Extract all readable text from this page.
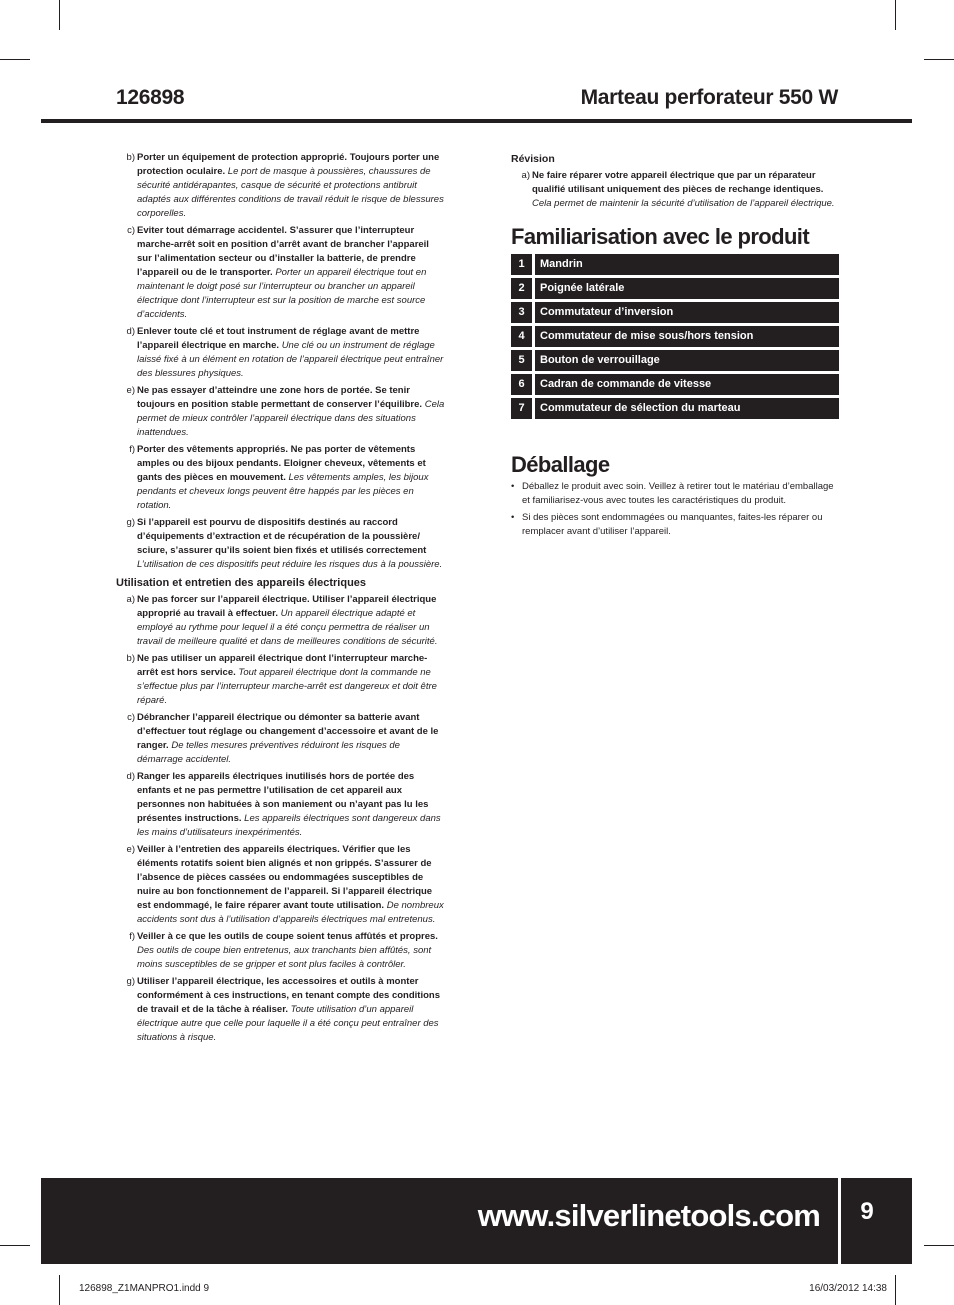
126898	Marteau perforateur 550 W
b) Porter un équipement de protection approprié. Toujours porter une protection oculaire. Le port de masque à poussières, chaussures de sécurité antidérapantes, casque de sécurité et protections antibruit adaptés aux différentes conditions de travail réduit le risque de blessures corporelles.
c) Eviter tout démarrage accidentel. S’assurer que l’interrupteur marche-arrêt soit en position d’arrêt avant de brancher l’appareil sur l’alimentation secteur ou d’installer la batterie, de prendre l’appareil ou de le transporter. Porter un appareil électrique tout en maintenant le doigt posé sur l’interrupteur ou brancher un appareil électrique dont l’interrupteur est sur la position de marche est source d’accidents.
d) Enlever toute clé et tout instrument de réglage avant de mettre l’appareil électrique en marche. Une clé ou un instrument de réglage laissé fixé à un élément en rotation de l’appareil électrique peut entraîner des blessures physiques.
e) Ne pas essayer d’atteindre une zone hors de portée. Se tenir toujours en position stable permettant de conserver l’équilibre. Cela permet de mieux contrôler l’appareil électrique dans des situations inattendues.
f) Porter des vêtements appropriés. Ne pas porter de vêtements amples ou des bijoux pendants. Eloigner cheveux, vêtements et gants des pièces en mouvement. Les vêtements amples, les bijoux pendants et cheveux longs peuvent être happés par les pièces en rotation.
g) Si l’appareil est pourvu de dispositifs destinés au raccord d’équipements d’extraction et de récupération de la poussière/ sciure, s’assurer qu’ils soient bien fixés et utilisés correctement L’utilisation de ces dispositifs peut réduire les risques dus à la poussière.
Utilisation et entretien des appareils électriques
a) Ne pas forcer sur l’appareil électrique. Utiliser l’appareil électrique approprié au travail à effectuer. Un appareil électrique adapté et employé au rythme pour lequel il a été conçu permettra de réaliser un travail de meilleure qualité et dans de meilleures conditions de sécurité.
b) Ne pas utiliser un appareil électrique dont l’interrupteur marche-arrêt est hors service. Tout appareil électrique dont la commande ne s’effectue plus par l’interrupteur marche-arrêt est dangereux et doit être réparé.
c) Débrancher l’appareil électrique ou démonter sa batterie avant d’effectuer tout réglage ou changement d’accessoire et avant de le ranger. De telles mesures préventives réduiront les risques de démarrage accidentel.
d) Ranger les appareils électriques inutilisés hors de portée des enfants et ne pas permettre l’utilisation de cet appareil aux personnes non habituées à son maniement ou n’ayant pas lu les présentes instructions. Les appareils électriques sont dangereux dans les mains d’utilisateurs inexpérimentés.
e) Veiller à l’entretien des appareils électriques. Vérifier que les éléments rotatifs soient bien alignés et non grippés. S’assurer de l’absence de pièces cassées ou endommagées susceptibles de nuire au bon fonctionnement de l’appareil. Si l’appareil électrique est endommagé, le faire réparer avant toute utilisation. De nombreux accidents sont dus à l’utilisation d’appareils électriques mal entretenus.
f) Veiller à ce que les outils de coupe soient tenus affûtés et propres. Des outils de coupe bien entretenus, aux tranchants bien affûtés, sont moins susceptibles de se gripper et sont plus faciles à contrôler.
g) Utiliser l’appareil électrique, les accessoires et outils à monter conformément à ces instructions, en tenant compte des conditions de travail et de la tâche à réaliser. Toute utilisation d’un appareil électrique autre que celle pour laquelle il a été conçu peut entraîner des situations à risque.
Révision
a) Ne faire réparer votre appareil électrique que par un réparateur qualifié utilisant uniquement des pièces de rechange identiques. Cela permet de maintenir la sécurité d’utilisation de l’appareil électrique.
Familiarisation avec le produit
1	Mandrin
2	Poignée latérale
3	Commutateur d’inversion
4	Commutateur de mise sous/hors tension
5	Bouton de verrouillage
6	Cadran de commande de vitesse
7	Commutateur de sélection du marteau
Déballage
• Déballez le produit avec soin. Veillez à retirer tout le matériau d’emballage et familiarisez-vous avec toutes les caractéristiques du produit.
• Si des pièces sont endommagées ou manquantes, faites-les réparer ou remplacer avant d’utiliser l’appareil.
www.silverlinetools.com	9
126898_Z1MANPRO1.indd 9	16/03/2012 14:38
